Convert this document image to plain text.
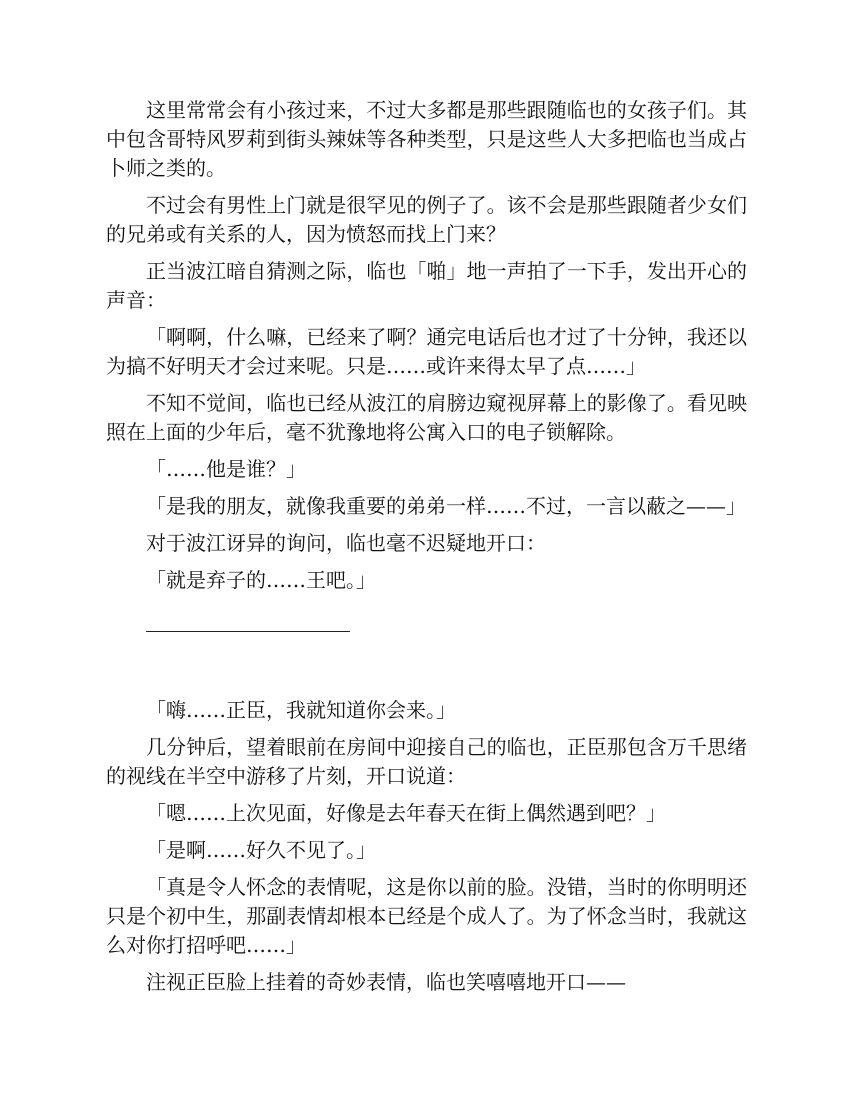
这里常常会有小孩过来，不过大多都是那些跟随临也的女孩子们。其中包含哥特风罗莉到街头辣妹等各种类型，只是这些人大多把临也当成占卜师之类的。

不过会有男性上门就是很罕见的例子了。该不会是那些跟随者少女们的兄弟或有关系的人，因为愤怒而找上门来？

正当波江暗自猜测之际，临也「啪」地一声拍了一下手，发出开心的声音：

「啊啊，什么嘛，已经来了啊？通完电话后也才过了十分钟，我还以为搞不好明天才会过来呢。只是……或许来得太早了点……」

不知不觉间，临也已经从波江的肩膀边窥视屏幕上的影像了。看见映照在上面的少年后，毫不犹豫地将公寓入口的电子锁解除。

「……他是谁？」

「是我的朋友，就像我重要的弟弟一样……不过，一言以蔽之——」

对于波江讶异的询问，临也毫不迟疑地开口：

「就是弃子的……王吧。」

「嗨……正臣，我就知道你会来。」

几分钟后，望着眼前在房间中迎接自己的临也，正臣那包含万千思绪的视线在半空中游移了片刻，开口说道：

「嗯……上次见面，好像是去年春天在街上偶然遇到吧？」

「是啊……好久不见了。」

「真是令人怀念的表情呢，这是你以前的脸。没错，当时的你明明还只是个初中生，那副表情却根本已经是个成人了。为了怀念当时，我就这么对你打招呼吧……」

注视正臣脸上挂着的奇妙表情，临也笑嘻嘻地开口——
